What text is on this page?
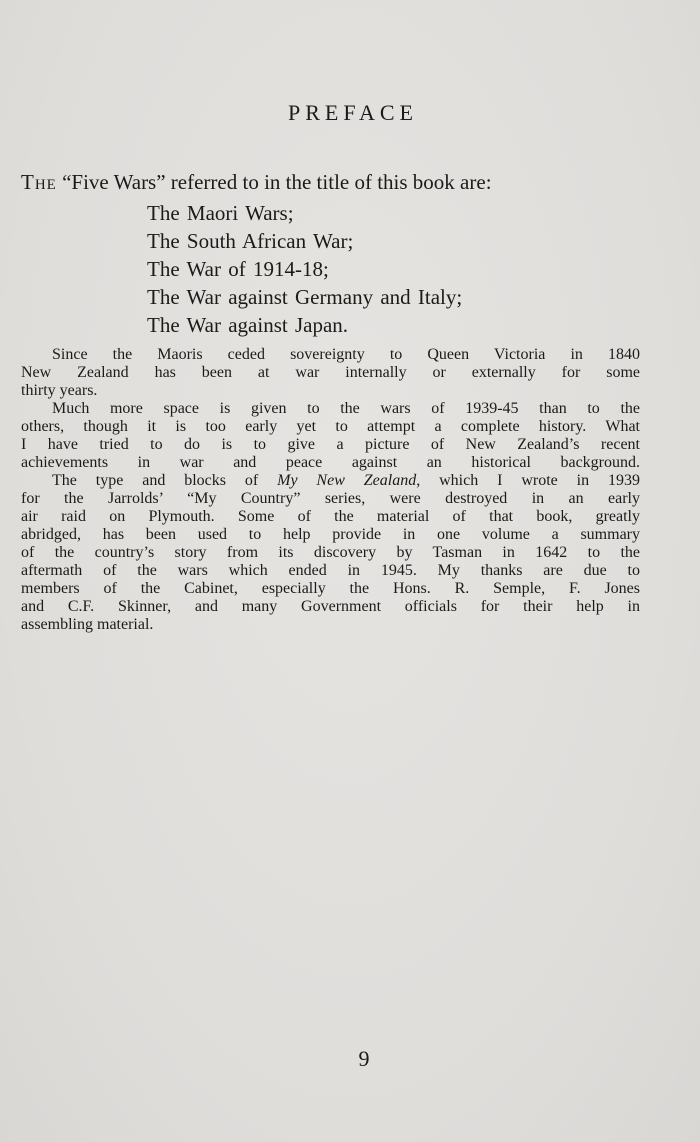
PREFACE
The “Five Wars” referred to in the title of this book are:
The Maori Wars;
The South African War;
The War of 1914-18;
The War against Germany and Italy;
The War against Japan.
Since the Maoris ceded sovereignty to Queen Victoria in 1840
New Zealand has been at war internally or externally for some
thirty years.
Much more space is given to the wars of 1939-45 than to the
others, though it is too early yet to attempt a complete history. What
I have tried to do is to give a picture of New Zealand’s recent
achievements in war and peace against an historical background.
The type and blocks of My New Zealand, which I wrote in 1939
for the Jarrolds’ “My Country” series, were destroyed in an early
air raid on Plymouth. Some of the material of that book, greatly
abridged, has been used to help provide in one volume a summary
of the country’s story from its discovery by Tasman in 1642 to the
aftermath of the wars which ended in 1945. My thanks are due to
members of the Cabinet, especially the Hons. R. Semple, F. Jones
and C.F. Skinner, and many Government officials for their help in
assembling material.
9
